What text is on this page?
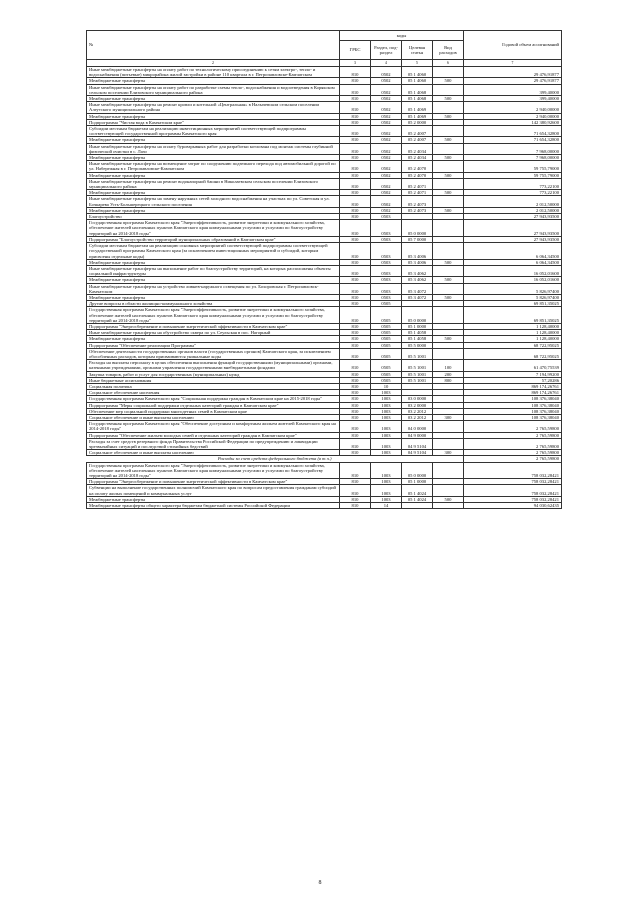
№	коды				Годовой объем ассигнований
	ГРБС	Раздел, под-раздел	Целевая статья	Вид расходов	
2	3	4	5	6	7
Иные межбюджетные трансферты на оплату работ по технологическому присоединению к сетям электро-, тепло- и водоснабжения (питьевые) микрорайона жилой застройки в районе 110 квартала в г. Петропавловске-Камчатском	810	0502	05 1 4060		29 476,91877
Межбюджетные трансферты	810	0502	05 1 4060	500	29 476,91877
Иные межбюджетные трансферты на оплату работ по разработке схемы тепло-, водоснабжения и водоотведения в Корякском сельском поселении Елизовского муниципального района	810	0502	05 1 4068		399,40000
Межбюджетные трансферты	810	0502	05 1 4068	500	399,40000
Иные межбюджетные трансферты на ремонт кровли и котельной «Центральная» в Налычевском сельском поселении Алеутского муниципального района	810	0502	05 1 4069		2 940,00000
Межбюджетные трансферты	810	0502	05 1 4069	500	2 940,00000
Подпрограмма "Чистая вода в Камчатском крае"	810	0502	05 2 0000		142 380,92600
Субсидии местным бюджетам на реализацию инвестиционных мероприятий соответствующей подпрограммы соответствующей государственной программы Камчатского края	810	0502	05 2 4007		71 654,32800
Межбюджетные трансферты	810	0502	05 2 4007	500	71 654,32800
Иные межбюджетные трансферты на оплату буровзрывных работ для разработки котлована под монтаж системы глубинной физической очистки в с. Лазо	810	0502	05 2 4034		7 968,00000
Межбюджетные трансферты	810	0502	05 2 4034	500	7 968,00000
Иные межбюджетные трансферты на возмещение затрат по сооружению подземного перехода под автомобильной дорогой по ул. Набережная в г. Петропавловске-Камчатском	810	0502	05 2 4070		59 755,79000
Межбюджетные трансферты	810	0502	05 2 4070	500	59 755,79000
Иные межбюджетные трансферты на ремонт водонапорной башни в Николаевском сельском поселении Елизовского муниципального района	810	0502	05 2 4071		773,22100
Межбюджетные трансферты	810	0502	05 2 4071	500	773,22100
Иные межбюджетные трансферты на замену наружных сетей холодного водоснабжения на участках по ул. Советская и ул. Бочкарева Усть-Большерецкого сельского поселения	810	0502	05 2 4073		2 012,50000
Межбюджетные трансферты	810	0502	05 2 4073	500	2 012,50000
Благоустройство	810	0503			27 943,93500
Государственная программа Камчатского края "Энергоэффективность, развитие энергетики и коммунального хозяйства, обеспечение жителей населенных пунктов Камчатского края коммунальными услугами и услугами по благоустройству территорий на 2014-2018 годы"	810	0503	05 0 0000		27 943,93500
Подпрограмма "Благоустройство территорий муниципальных образований в Камчатском крае"	810	0503	05 7 0000		27 943,93500
Субсидии местным бюджетам на реализацию основных мероприятий соответствующей подпрограммы соответствующей государственной программы Камчатского края (за исключением инвестиционных мероприятий и субсидий, которым присвоены отдельные коды)	810	0503	05 3 4006		6 064,34500
Межбюджетные трансферты	810	0503	05 3 4006	500	6 064,34500
Иные межбюджетные трансферты на выполнение работ по благоустройству территорий, на которых расположены объекты социальной инфраструктуры	810	0503	05 3 4062		16 052,01600
Межбюджетные трансферты	810	0503	05 3 4062	500	16 052,01600
Иные межбюджетные трансферты на устройство ливнев-наружного освещения по ул. Бохоровская г. Петропавловск-Камчатском	810	0503	05 3 4072		5 826,97400
Межбюджетные трансферты	810	0503	05 3 4072	500	5 826,97400
Другие вопросы в области жилищно-коммунального хозяйства	810	0505			69 851,35025
Государственная программа Камчатского края "Энергоэффективность, развитие энергетики и коммунального хозяйства, обеспечение жителей населенных пунктов Камчатского края коммунальными услугами и услугами по благоустройству территорий на 2014-2018 годы"	810	0505	05 0 0000		69 851,35025
Подпрограмма "Энергосбережение и повышение энергетической эффективности в Камчатском крае"	810	0505	05 1 0000		1 128,40000
Иные межбюджетные трансферты на обустройство сквера по ул. Сеульская в пос. Нагорный	810	0505	05 1 4058		1 128,40000
Межбюджетные трансферты	810	0505	05 1 4058	500	1 128,40000
Подпрограмма "Обеспечение реализации Программы"	810	0505	05 5 0000		68 722,95025
Обеспечение деятельности государственных органов власти (государственных органов) Камчатского края, за исключением обособленных расходов, которым присваиваются уникальные коды	810	0505	05 5 1001		68 722,95025
Расходы на выплаты персоналу в целях обеспечения выполнения функций государственными (муниципальными) органами, казенными учреждениями, органами управления государственными внебюджетными фондами	810	0505	05 5 1001	100	61 470,75539
Закупка товаров, работ и услуг для государственных (муниципальных) нужд	810	0505	05 5 1001	200	7 194,99200
Иные бюджетные ассигнования	810	0505	05 5 1001	800	57,20286
Социальная политика	810	10			869 174,26761
Социальное обеспечение населения	810	1003			869 174,26761
Государственная программа Камчатского края "Социальная поддержка граждан в Камчатском крае на 2015-2018 годы"	810	1003	03 0 0000		108 376,38040
Подпрограмма "Меры социальной поддержки отдельных категорий граждан в Камчатском крае"	810	1003	03 2 0000		108 376,38040
Обеспечение мер социальной поддержки многодетных семей в Камчатском крае	810	1003	03 2 2012		108 376,38040
Социальное обеспечение и иные выплаты населению	810	1003	03 2 2012	300	108 376,38040
Государственная программа Камчатского края "Обеспечение доступным и комфортным жильем жителей Камчатского края на 2014-2018 годы"	810	1003	04 0 0000		2 765,59800
Подпрограмма "Обеспечение жильем молодых семей и отдельных категорий граждан в Камчатском крае"	810	1003	04 9 0000		2 765,59800
Расходы за счет средств резервного фонда Правительства Российской Федерации по предупреждению и ликвидации чрезвычайных ситуаций и последствий стихийных бедствий	810	1003	04 9 5104		2 765,59800
Социальное обеспечение и иные выплаты населению	810	1003	04 9 5104	300	2 765,59800
Расходы за счет средств федерального бюджета (в т.ч.)					2 765,59800
Государственная программа Камчатского края "Энергоэффективность, развитие энергетики и коммунального хозяйства, обеспечение жителей населенных пунктов Камчатского края коммунальными услугами и услугами по благоустройству территорий на 2014-2018 годы"	810	1003	05 0 0000		758 032,28421
Подпрограмма "Энергосбережение и повышение энергетической эффективности в Камчатском крае"	810	1003	05 1 0000		758 032,28421
Субвенции на выполнение государственных полномочий Камчатского края по вопросам предоставления гражданам субсидий на оплату жилых помещений и коммунальных услуг	810	1003	05 1 4024		758 032,28421
Межбюджетные трансферты	810	1003	05 1 4024	500	758 032,28421
Межбюджетные трансферты общего характера бюджетам бюджетной системы Российской Федерации	810	14			94 030,62435
8
